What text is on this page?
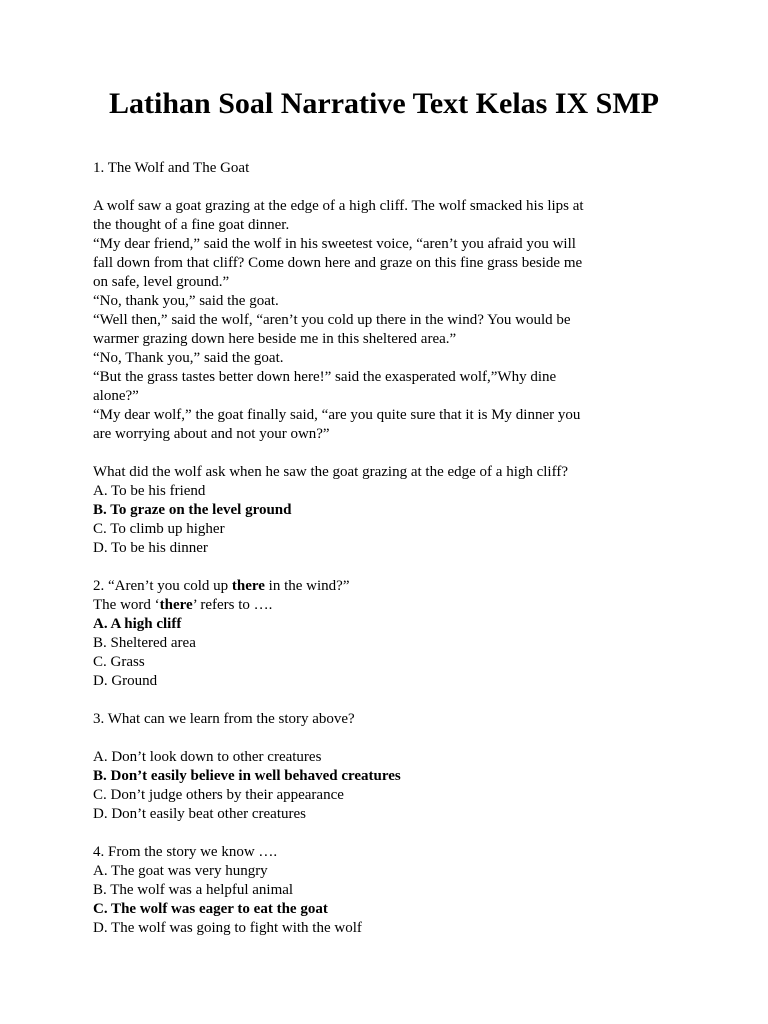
Latihan Soal Narrative Text Kelas IX SMP
1. The Wolf and The Goat
A wolf saw a goat grazing at the edge of a high cliff. The wolf smacked his lips at
the thought of a fine goat dinner.
“My dear friend,” said the wolf in his sweetest voice, “aren’t you afraid you will
fall down from that cliff? Come down here and graze on this fine grass beside me
on safe, level ground.”
“No, thank you,” said the goat.
“Well then,” said the wolf, “aren’t you cold up there in the wind? You would be
warmer grazing down here beside me in this sheltered area.”
“No, Thank you,” said the goat.
“But the grass tastes better down here!” said the exasperated wolf,”Why dine
alone?”
“My dear wolf,” the goat finally said, “are you quite sure that it is My dinner you
are worrying about and not your own?”
What did the wolf ask when he saw the goat grazing at the edge of a high cliff?
A. To be his friend
B. To graze on the level ground
C. To climb up higher
D. To be his dinner
2. “Aren’t you cold up there in the wind?”
The word ‘there’ refers to ….
A. A high cliff
B. Sheltered area
C. Grass
D. Ground
3. What can we learn from the story above?
A. Don’t look down to other creatures
B. Don’t easily believe in well behaved creatures
C. Don’t judge others by their appearance
D. Don’t easily beat other creatures
4. From the story we know ….
A. The goat was very hungry
B. The wolf was a helpful animal
C. The wolf was eager to eat the goat
D. The wolf was going to fight with the wolf
